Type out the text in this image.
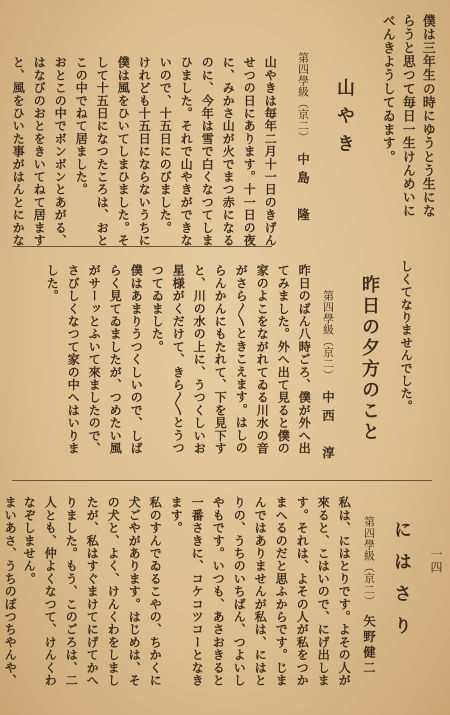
僕は三年生の時にゆうとう生にな
らうと思つて毎日一生けんめいに
べんきようしてゐます。
山やき
第四學級（京二）中島　隆
山やきは毎年二月十一日のきげん
せつの日にあります。十一日の夜
に、みかさ山が火でまつ赤になる
のに、今年は雪で白くなつてしま
ひました。それで山やきができな
いので、十五日にのびました。
けれども十五日にならないうちに
僕は風をひいてしまひました。そ
して十五日になつたころは、おと
この中でねて居ました。
おとこの中でボンボンとあがる、
はなびのおとをきいてねて居ます
と、風をひいた事がはんとにかな
しくてなりませんでした。
昨日の夕方のこと
第四學級（京二）中西　淳
昨日のばん八時ごろ、僕が外へ出
てみました。外へ出て見ると僕の
家のよこをながれてゐる川水の音
がさら〳〵ときこえます。はしの
らんかんにもたれて、下を見下す
と、川の水の上に、うつくしいお
星様がくだけて、きら〳〵とうつ
つてゐました。
僕はあまりうつくしいので、しば
らく見てゐましたが、つめたい風
がサーッとふいて來ましたので、
さびしくなつて家の中へはいりま
した。
一四
にはさり
第四學級（京二）矢野健二
私は、にはとりです。よその人が
來ると、こはいので、にげ出しま
す。それは、よその人が私をつか
まへるのだと思ふからです。じま
んではありませんが私は、にはと
りの、うちのいちばん、つよいし
やもです。いつも、あさおきると
一番さきに、コケコツコーとなき
ます。
私のすんでゐるこやの、ちかくに
犬ごやがあります。はじめは、そ
の犬と、よく、けんくわをしまし
たが、私はすぐまけてにげてかへ
りました。もう、このごろは、二
人とも、仲よくなつて、けんくわ
なぞしません。
まいあさ、うちのぼつちやんや、
